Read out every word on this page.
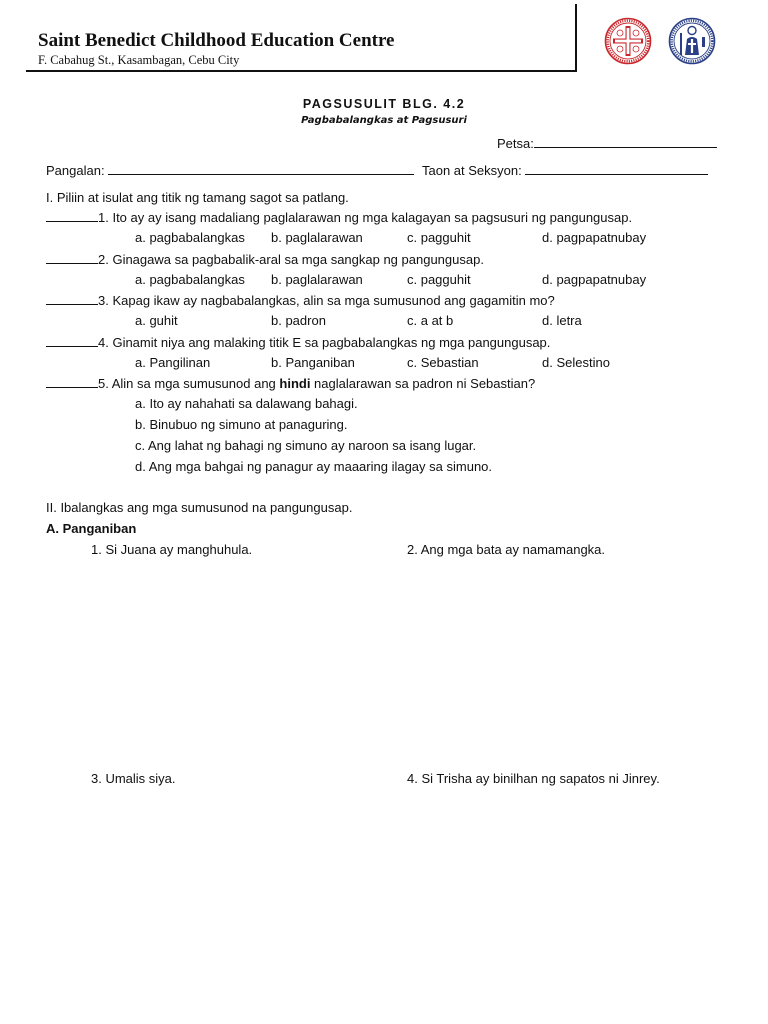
Saint Benedict Childhood Education Centre
F. Cabahug St., Kasambagan, Cebu City
PAGSUSULIT BLG. 4.2
Pagbabalangkas at Pagsusuri
Petsa:
Pangalan:	Taon at Seksyon:
I. Piliin at isulat ang titik ng tamang sagot sa patlang.
1. Ito ay ay isang madaliang paglalarawan ng mga kalagayan sa pagsusuri ng pangungusap.
a. pagbabalangkas b. paglalarawan	c. pagguhit	d. pagpapatnubay
2. Ginagawa sa pagbabalik-aral sa mga sangkap ng pangungusap.
a. pagbabalangkas b. paglalarawan	c. pagguhit	d. pagpapatnubay
3. Kapag ikaw ay nagbabalangkas, alin sa mga sumusunod ang gagamitin mo?
a. guhit	b. padron	c. a at b	d. letra
4. Ginamit niya ang malaking titik E sa pagbabalangkas ng mga pangungusap.
a. Pangilinan	b. Panganiban	c. Sebastian	d. Selestino
5. Alin sa mga sumusunod ang hindi naglalarawan sa padron ni Sebastian?
a. Ito ay nahahati sa dalawang bahagi.
b. Binubuo ng simuno at panaguring.
c. Ang lahat ng bahagi ng simuno ay naroon sa isang lugar.
d. Ang mga bahgai ng panagur ay maaaring ilagay sa simuno.
II. Ibalangkas ang mga sumusunod na pangungusap.
A. Panganiban
1. Si Juana ay manghuhula.	2. Ang mga bata ay namamangka.
3. Umalis siya.	4. Si Trisha ay binilhan ng sapatos ni Jinrey.
